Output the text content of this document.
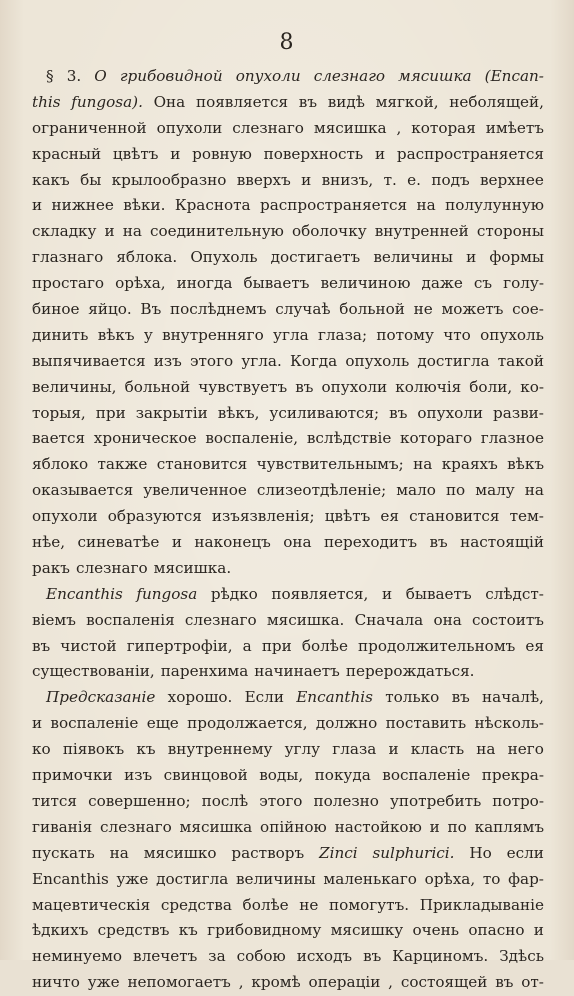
8
§ 3. О грибовидной опухоли слезнаго мясишка (Encan-
this fungosa). Она появляется въ видѣ мягкой, неболящей,
ограниченной опухоли слезнаго мясишка , которая имѣетъ
красный цвѣтъ и ровную поверхность и распространяется
какъ бы крылообразно вверхъ и внизъ, т. е. подъ верхнее
и нижнее вѣки. Краснота распространяется на полулунную
складку и на соединительную оболочку внутренней стороны
глазнаго яблока. Опухоль достигаетъ величины и формы
простаго орѣха, иногда бываетъ величиною даже съ голу-
биное яйцо. Въ послѣднемъ случаѣ больной не можетъ сое-
динить вѣкъ у внутренняго угла глаза; потому что опухоль
выпячивается изъ этого угла. Когда опухоль достигла такой
величины, больной чувствуетъ въ опухоли колючія боли, ко-
торыя, при закрытіи вѣкъ, усиливаются; въ опухоли разви-
вается хроническое воспаленіе, вслѣдствіе котораго глазное
яблоко также становится чувствительнымъ; на краяхъ вѣкъ
оказывается увеличенное слизеотдѣленіе; мало по малу на
опухоли образуются изъязвленія; цвѣтъ ея становится тем-
нѣе, синеватѣе и наконецъ она переходитъ въ настоящій
ракъ слезнаго мясишка.
Encanthis fungosa рѣдко появляется, и бываетъ слѣдст-
віемъ воспаленія слезнаго мясишка. Сначала она состоитъ
въ чистой гипертрофіи, а при болѣе продолжительномъ ея
существованіи, паренхима начинаетъ перерождаться.
Предсказаніе хорошо. Если Encanthis только въ началѣ,
и воспаленіе еще продолжается, должно поставить нѣсколь-
ко піявокъ къ внутреннему углу глаза и класть на него
примочки изъ свинцовой воды, покуда воспаленіе прекра-
тится совершенно; послѣ этого полезно употребить потро-
гиванія слезнаго мясишка опійною настойкою и по каплямъ
пускать на мясишко растворъ Zinci sulphurici. Но если
Encanthis уже достигла величины маленькаго орѣха, то фар-
мацевтическія средства болѣе не помогутъ. Прикладываніе
ѣдкихъ средствъ къ грибовидному мясишку очень опасно и
неминуемо влечетъ за собою исходъ въ Карциномъ. Здѣсь
ничто уже непомогаетъ , кромѣ операціи , состоящей въ от-
